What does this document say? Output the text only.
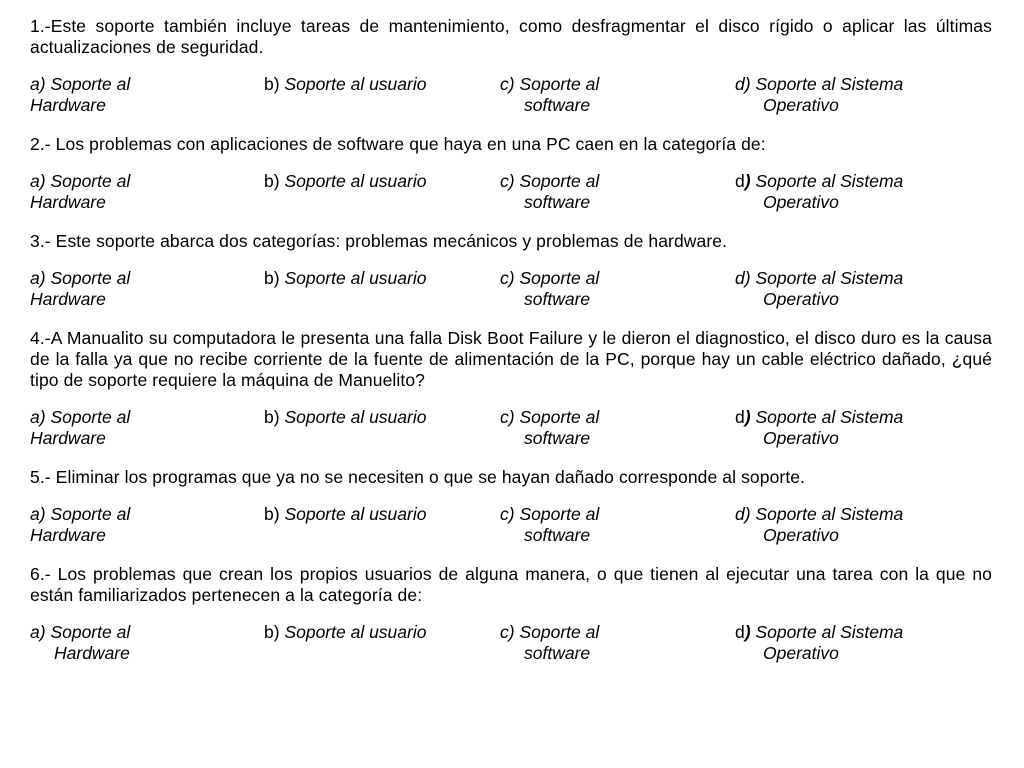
1.-Este soporte también incluye tareas de mantenimiento, como desfragmentar el disco rígido o aplicar las últimas actualizaciones de seguridad.

a) Soporte al
Hardware
b) Soporte al usuario	c) Soporte al
software
d) Soporte al Sistema
Operativo

2.- Los problemas con aplicaciones de software que haya en una PC caen en la categoría de:

a) Soporte al
Hardware
b) Soporte al usuario	c) Soporte al
software
d) Soporte al Sistema
Operativo

3.- Este soporte abarca dos categorías: problemas mecánicos y problemas de hardware.

a) Soporte al
Hardware
b) Soporte al usuario	c) Soporte al
software
d) Soporte al Sistema
Operativo

4.-A Manualito su computadora le presenta una falla Disk Boot Failure y le dieron el diagnostico, el disco duro es la causa de la falla ya que no recibe corriente de la fuente de alimentación de la PC, porque hay un cable eléctrico dañado, ¿qué tipo de soporte requiere la máquina de Manuelito?

a) Soporte al
Hardware
b) Soporte al usuario	c) Soporte al
software
d) Soporte al Sistema
Operativo

5.- Eliminar los programas que ya no se necesiten o que se hayan dañado corresponde al soporte.

a) Soporte al
Hardware
b) Soporte al usuario	c) Soporte al
software
d) Soporte al Sistema
Operativo

6.- Los problemas que crean los propios usuarios de alguna manera, o que tienen al ejecutar una tarea con la que no están familiarizados pertenecen a la categoría de:

a) Soporte al
Hardware
b) Soporte al usuario	c) Soporte al
software
d) Soporte al Sistema
Operativo
